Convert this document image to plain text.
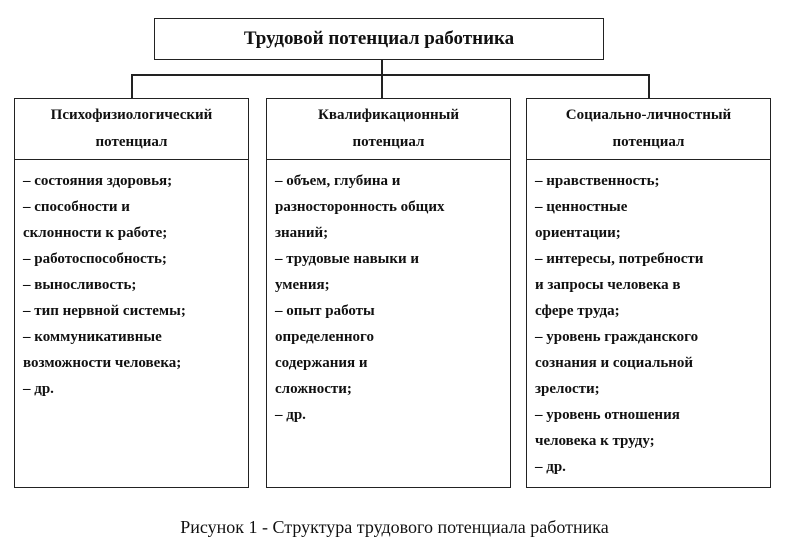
Трудовой потенциал работника
Психофизиологический
потенциал
– состояния здоровья;
– способности и
склонности к работе;
– работоспособность;
– выносливость;
– тип нервной системы;
– коммуникативные
возможности человека;
– др.
Квалификационный
потенциал
– объем, глубина и
разносторонность общих
знаний;
– трудовые навыки и
умения;
– опыт работы
определенного
содержания и
сложности;
– др.
Социально-личностный
потенциал
– нравственность;
– ценностные
ориентации;
– интересы, потребности
и запросы человека в
сфере труда;
– уровень гражданского
сознания и социальной
зрелости;
– уровень отношения
человека к труду;
– др.
Рисунок 1 - Структура трудового потенциала работника
